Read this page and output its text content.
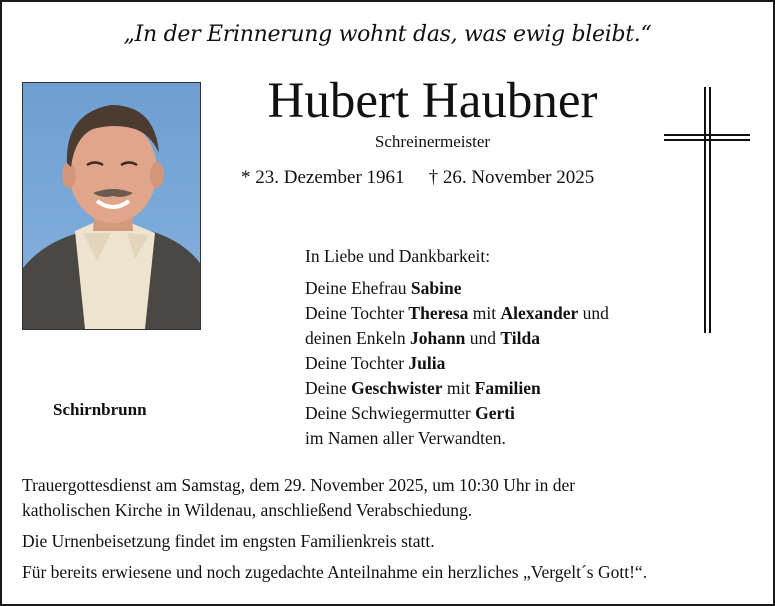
„In der Erinnerung wohnt das, was ewig bleibt.“
Hubert Haubner
Schreinermeister
* 23. Dezember 1961 † 26. November 2025
Schirnbrunn
In Liebe und Dankbarkeit:
Deine Ehefrau Sabine
Deine Tochter Theresa mit Alexander und
deinen Enkeln Johann und Tilda
Deine Tochter Julia
Deine Geschwister mit Familien
Deine Schwiegermutter Gerti
im Namen aller Verwandten.

Trauergottesdienst am Samstag, dem 29. November 2025, um 10:30 Uhr in der

katholischen Kirche in Wildenau, anschließend Verabschiedung.

Die Urnenbeisetzung findet im engsten Familienkreis statt.

Für bereits erwiesene und noch zugedachte Anteilnahme ein herzliches „Vergelt´s Gott!“.
